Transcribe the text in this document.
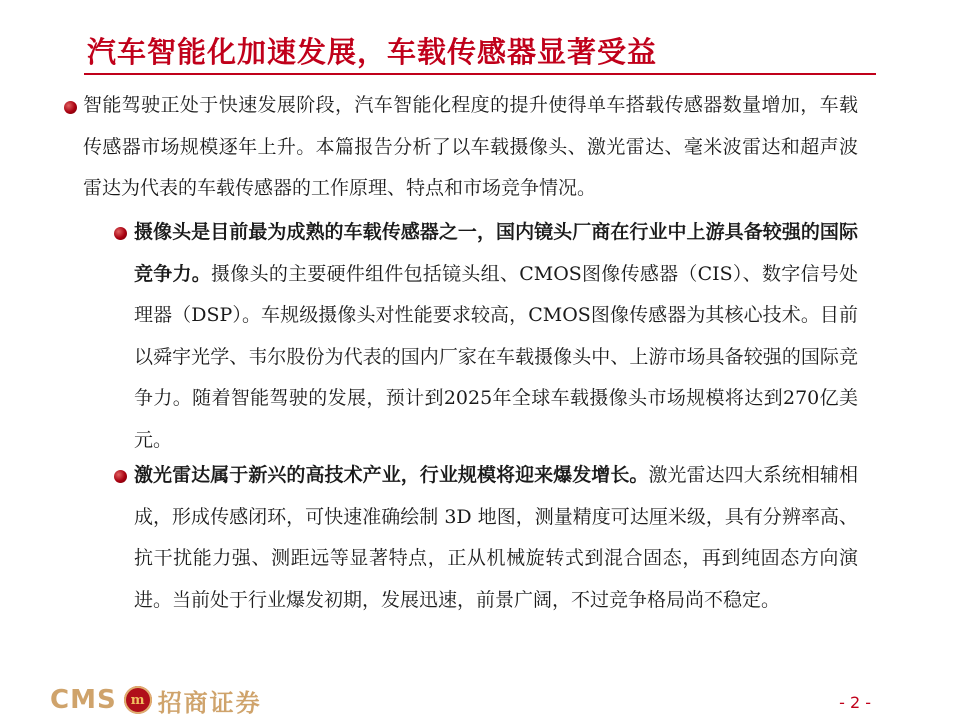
汽车智能化加速发展，车载传感器显著受益
智能驾驶正处于快速发展阶段，汽车智能化程度的提升使得单车搭载传感器数量增加，车载传感器市场规模逐年上升。本篇报告分析了以车载摄像头、激光雷达、毫米波雷达和超声波雷达为代表的车载传感器的工作原理、特点和市场竞争情况。
摄像头是目前最为成熟的车载传感器之一，国内镜头厂商在行业中上游具备较强的国际竞争力。摄像头的主要硬件组件包括镜头组、CMOS图像传感器（CIS）、数字信号处理器（DSP）。车规级摄像头对性能要求较高，CMOS图像传感器为其核心技术。目前以舜宇光学、韦尔股份为代表的国内厂家在车载摄像头中、上游市场具备较强的国际竞争力。随着智能驾驶的发展，预计到2025年全球车载摄像头市场规模将达到270亿美元。
激光雷达属于新兴的高技术产业，行业规模将迎来爆发增长。激光雷达四大系统相辅相成，形成传感闭环，可快速准确绘制 3D 地图，测量精度可达厘米级，具有分辨率高、抗干扰能力强、测距远等显著特点，正从机械旋转式到混合固态，再到纯固态方向演进。当前处于行业爆发初期，发展迅速，前景广阔，不过竞争格局尚不稳定。
CMS m 招商证券	- 2 -
